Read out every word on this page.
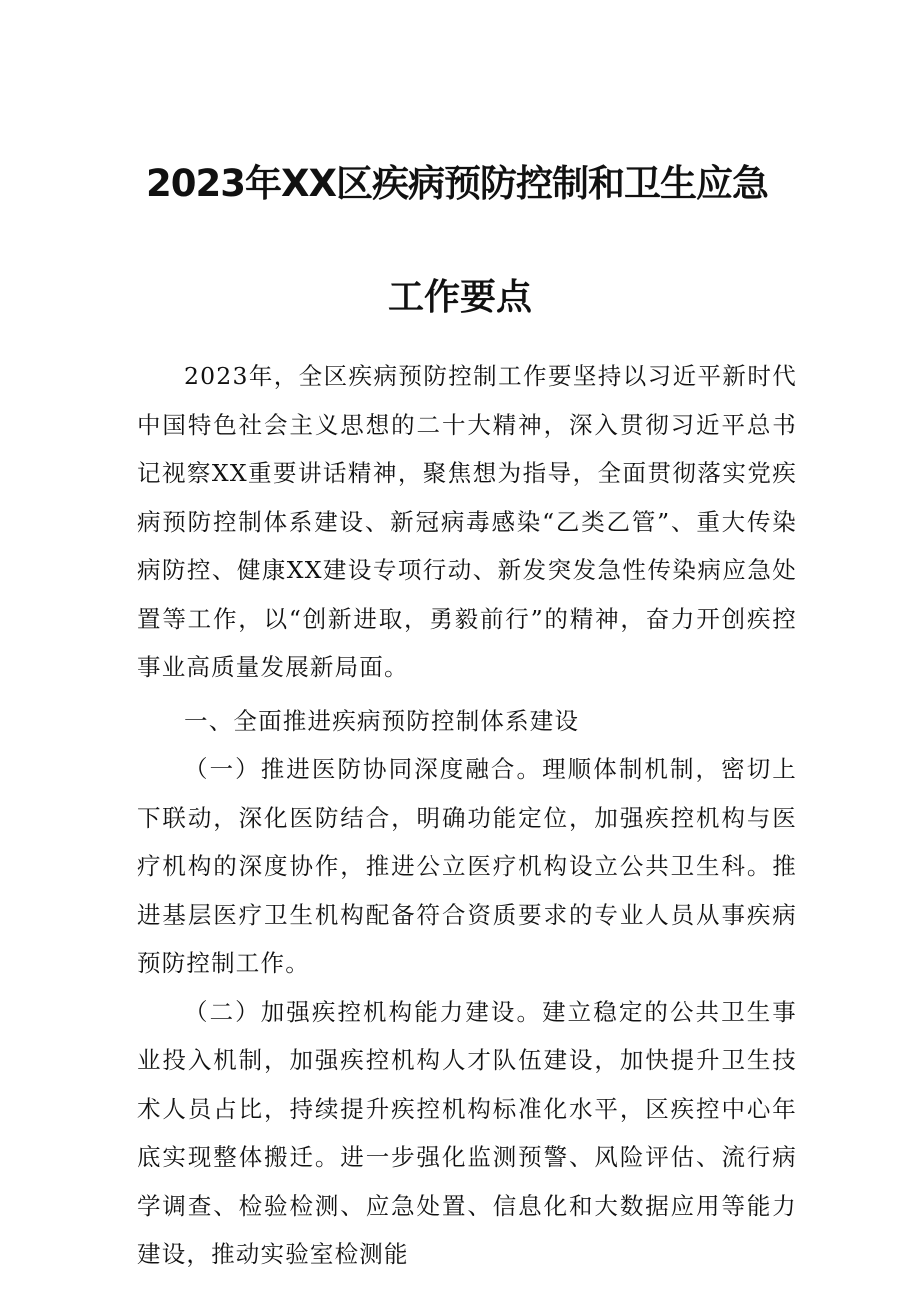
2023年XX区疾病预防控制和卫生应急
工作要点

2023年，全区疾病预防控制工作要坚持以习近平新时代中国特色社会主义思想的二十大精神，深入贯彻习近平总书记视察XX重要讲话精神，聚焦想为指导，全面贯彻落实党疾病预防控制体系建设、新冠病毒感染“乙类乙管”、重大传染病防控、健康XX建设专项行动、新发突发急性传染病应急处置等工作，以“创新进取，勇毅前行”的精神，奋力开创疾控事业高质量发展新局面。

一、全面推进疾病预防控制体系建设

（一）推进医防协同深度融合。理顺体制机制，密切上下联动，深化医防结合，明确功能定位，加强疾控机构与医疗机构的深度协作，推进公立医疗机构设立公共卫生科。推进基层医疗卫生机构配备符合资质要求的专业人员从事疾病预防控制工作。

（二）加强疾控机构能力建设。建立稳定的公共卫生事业投入机制，加强疾控机构人才队伍建设，加快提升卫生技术人员占比，持续提升疾控机构标准化水平，区疾控中心年底实现整体搬迁。进一步强化监测预警、风险评估、流行病学调查、检验检测、应急处置、信息化和大数据应用等能力建设，推动实验室检测能
